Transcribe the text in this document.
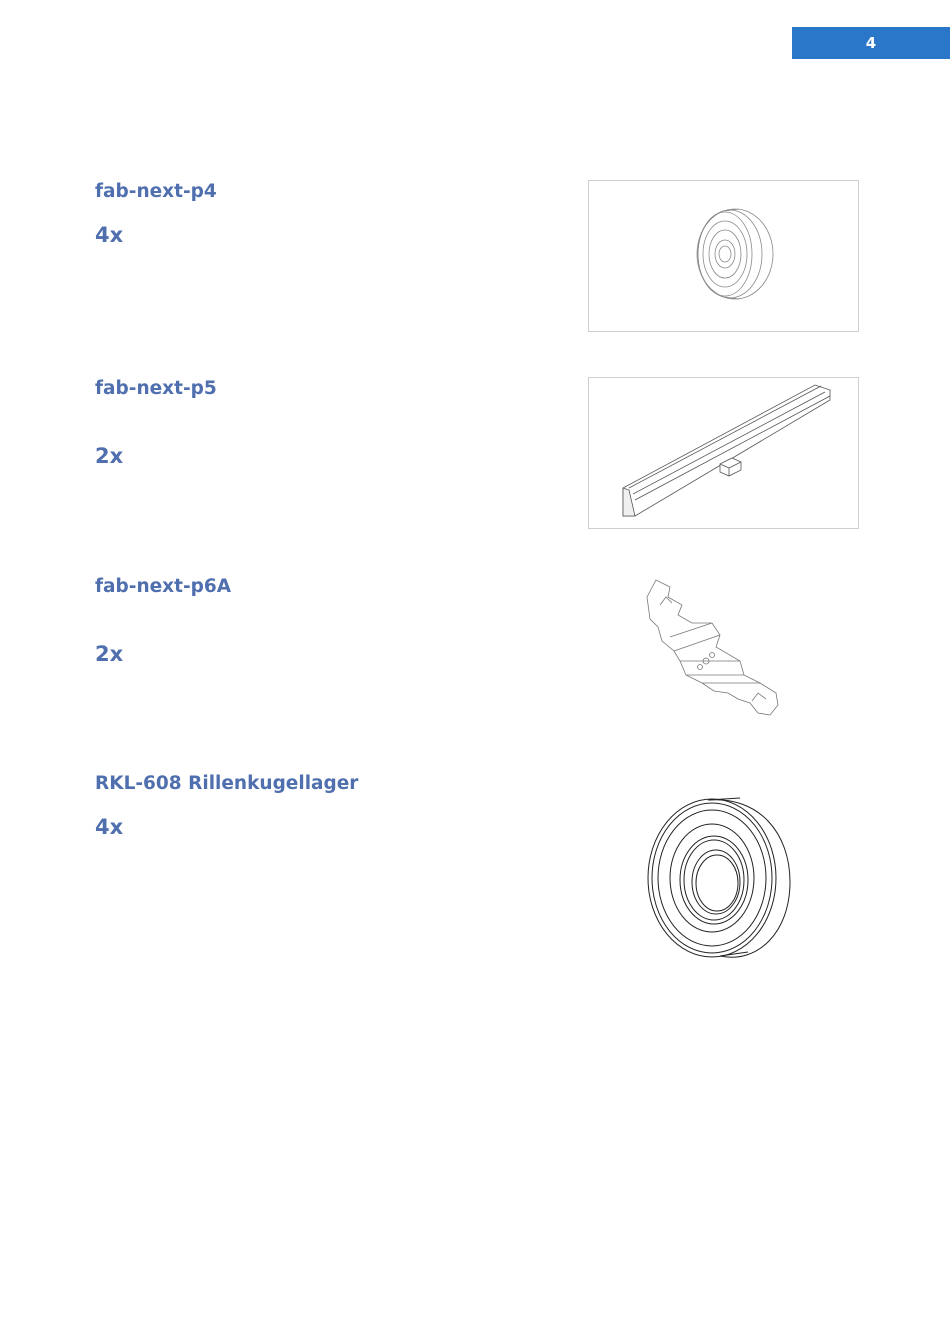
4
fab-next-p4
4x
fab-next-p5
2x
fab-next-p6A
2x
RKL-608 Rillenkugellager
4x
